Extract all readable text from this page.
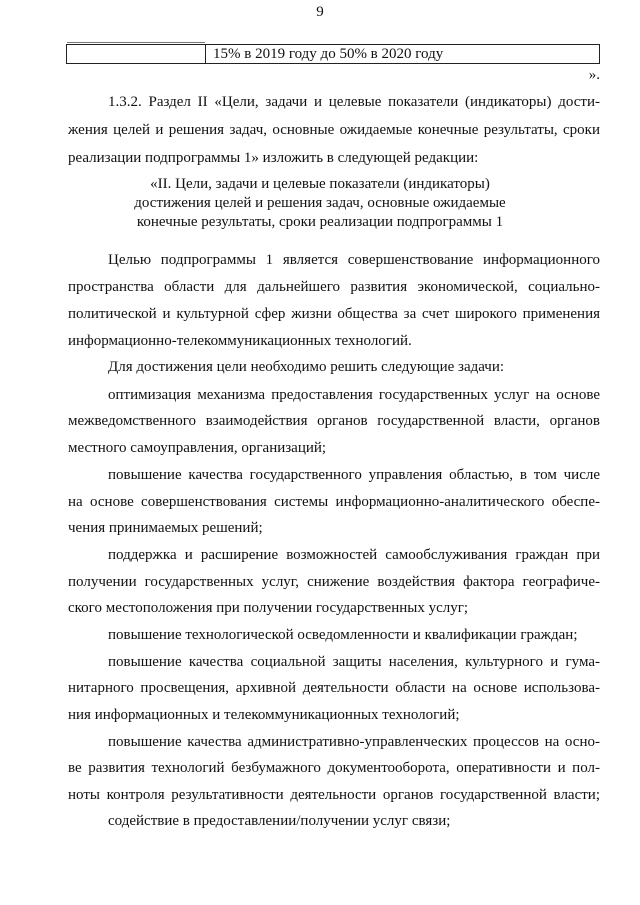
9
15% в 2019 году до 50% в 2020 году
».
1.3.2. Раздел II «Цели, задачи и целевые показатели (индикаторы) дости-
жения целей и решения задач, основные ожидаемые конечные результаты, сроки
реализации подпрограммы 1» изложить в следующей редакции:
«II. Цели, задачи и целевые показатели (индикаторы)
достижения целей и решения задач, основные ожидаемые
конечные результаты, сроки реализации подпрограммы 1
Целью подпрограммы 1 является совершенствование информационного
пространства области для дальнейшего развития экономической, социально-
политической и культурной сфер жизни общества за счет широкого применения
информационно-телекоммуникационных технологий.
Для достижения цели необходимо решить следующие задачи:
оптимизация механизма предоставления государственных услуг на основе
межведомственного взаимодействия органов государственной власти, органов
местного самоуправления, организаций;
повышение качества государственного управления областью, в том числе
на основе совершенствования системы информационно-аналитического обеспе-
чения принимаемых решений;
поддержка и расширение возможностей самообслуживания граждан при
получении государственных услуг, снижение воздействия фактора географиче-
ского местоположения при получении государственных услуг;
повышение технологической осведомленности и квалификации граждан;
повышение качества социальной защиты населения, культурного и гума-
нитарного просвещения, архивной деятельности области на основе использова-
ния информационных и телекоммуникационных технологий;
повышение качества административно-управленческих процессов на осно-
ве развития технологий безбумажного документооборота, оперативности и пол-
ноты контроля результативности деятельности органов государственной власти;
содействие в предоставлении/получении услуг связи;
